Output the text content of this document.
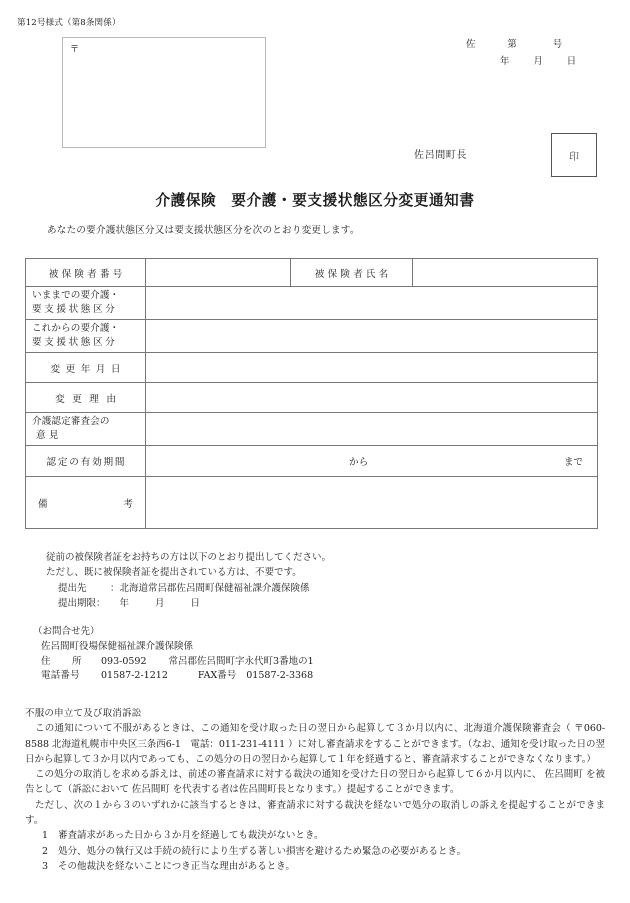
第12号様式（第8条関係）
〒	佐	第	号
年	月	日
佐呂間町長	印
介護保険　要介護・要支援状態区分変更通知書
あなたの要介護状態区分又は要支援状態区分を次のとおり変更します。
被保険者番号		被保険者氏名	

いままでの要介護・
要支援状態区分			

これからの要介護・
要支援状態区分			

変更年月日			

変更理由			

介護認定審査会の
意 見			

認定の有効期間	から まで		

備 考			

従前の被保険者証をお持ちの方は以下のとおり提出してください。
ただし、既に被保険者証を提出されている方は、不要です。
提出先 ：北海道常呂郡佐呂間町保健福祉課介護保険係
提出期限： 年	月	日
（お問合せ先）
佐呂間町役場保健福祉課介護保険係
住　所 093-0592 常呂郡佐呂間町字永代町3番地の1
電話番号 01587-2-1212	FAX番号 01587-2-3368
不服の申立て及び取消訴訟

この通知について不服があるときは、この通知を受け取った日の翌日から起算して３か月以内に、北海道介護保険審査会（ 〒060-8588 北海道札幌市中央区三条西6-1　電話：011-231-4111 ）に対し審査請求をすることができます。（なお、通知を受け取った日の翌日から起算して３か月以内であっても、この処分の日の翌日から起算して１年を経過すると、審査請求することができなくなります。）

この処分の取消しを求める訴えは、前述の審査請求に対する裁決の通知を受けた日の翌日から起算して６か月以内に、 佐呂間町 を被告として（訴訟において 佐呂間町 を代表する者は佐呂間町長となります。）提起することができます。

ただし、次の１から３のいずれかに該当するときは、審査請求に対する裁決を経ないで処分の取消しの訴えを提起することができます。

1 審査請求があった日から３か月を経過しても裁決がないとき。
2 処分、処分の執行又は手続の続行により生ずる著しい損害を避けるため緊急の必要があるとき。
3 その他裁決を経ないことにつき正当な理由があるとき。
